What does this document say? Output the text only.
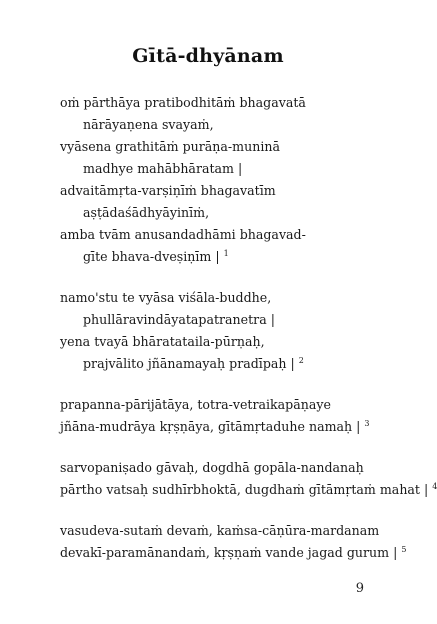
Gītā-dhyānam
oṁ pārthāya pratibodhitāṁ bhagavatā
nārāyaṇena svayaṁ,
vyāsena grathitāṁ purāṇa-muninā
madhye mahābhāratam |
advaitāmṛta-varṣiṇīṁ bhagavatīm
aṣṭādaśādhyāyinīṁ,
amba tvām anusandadhāmi bhagavad-
gīte bhava-dveṣiṇīm | $^1$
namo'stu te vyāsa viśāla-buddhe,
phullāravindāyatapatranetra |
yena tvayā bhāratataila-pūrṇaḥ,
prajvālito jñānamayaḥ pradīpaḥ | $^2$
prapanna-pārijātāya, totra-vetraikapāṇaye
jñāna-mudrāya kṛṣṇāya, gītāmṛtaduhe namaḥ | $^3$
sarvopaniṣado gāvaḥ, dogdhā gopāla-nandanaḥ
pārtho vatsaḥ sudhīrbhoktā, dugdhaṁ gītāmṛtaṁ mahat | $^4$
vasudeva-sutaṁ devaṁ, kaṁsa-cāṇūra-mardanam
devakī-paramānandaṁ, kṛṣṇaṁ vande jagad gurum | $^5$
9
